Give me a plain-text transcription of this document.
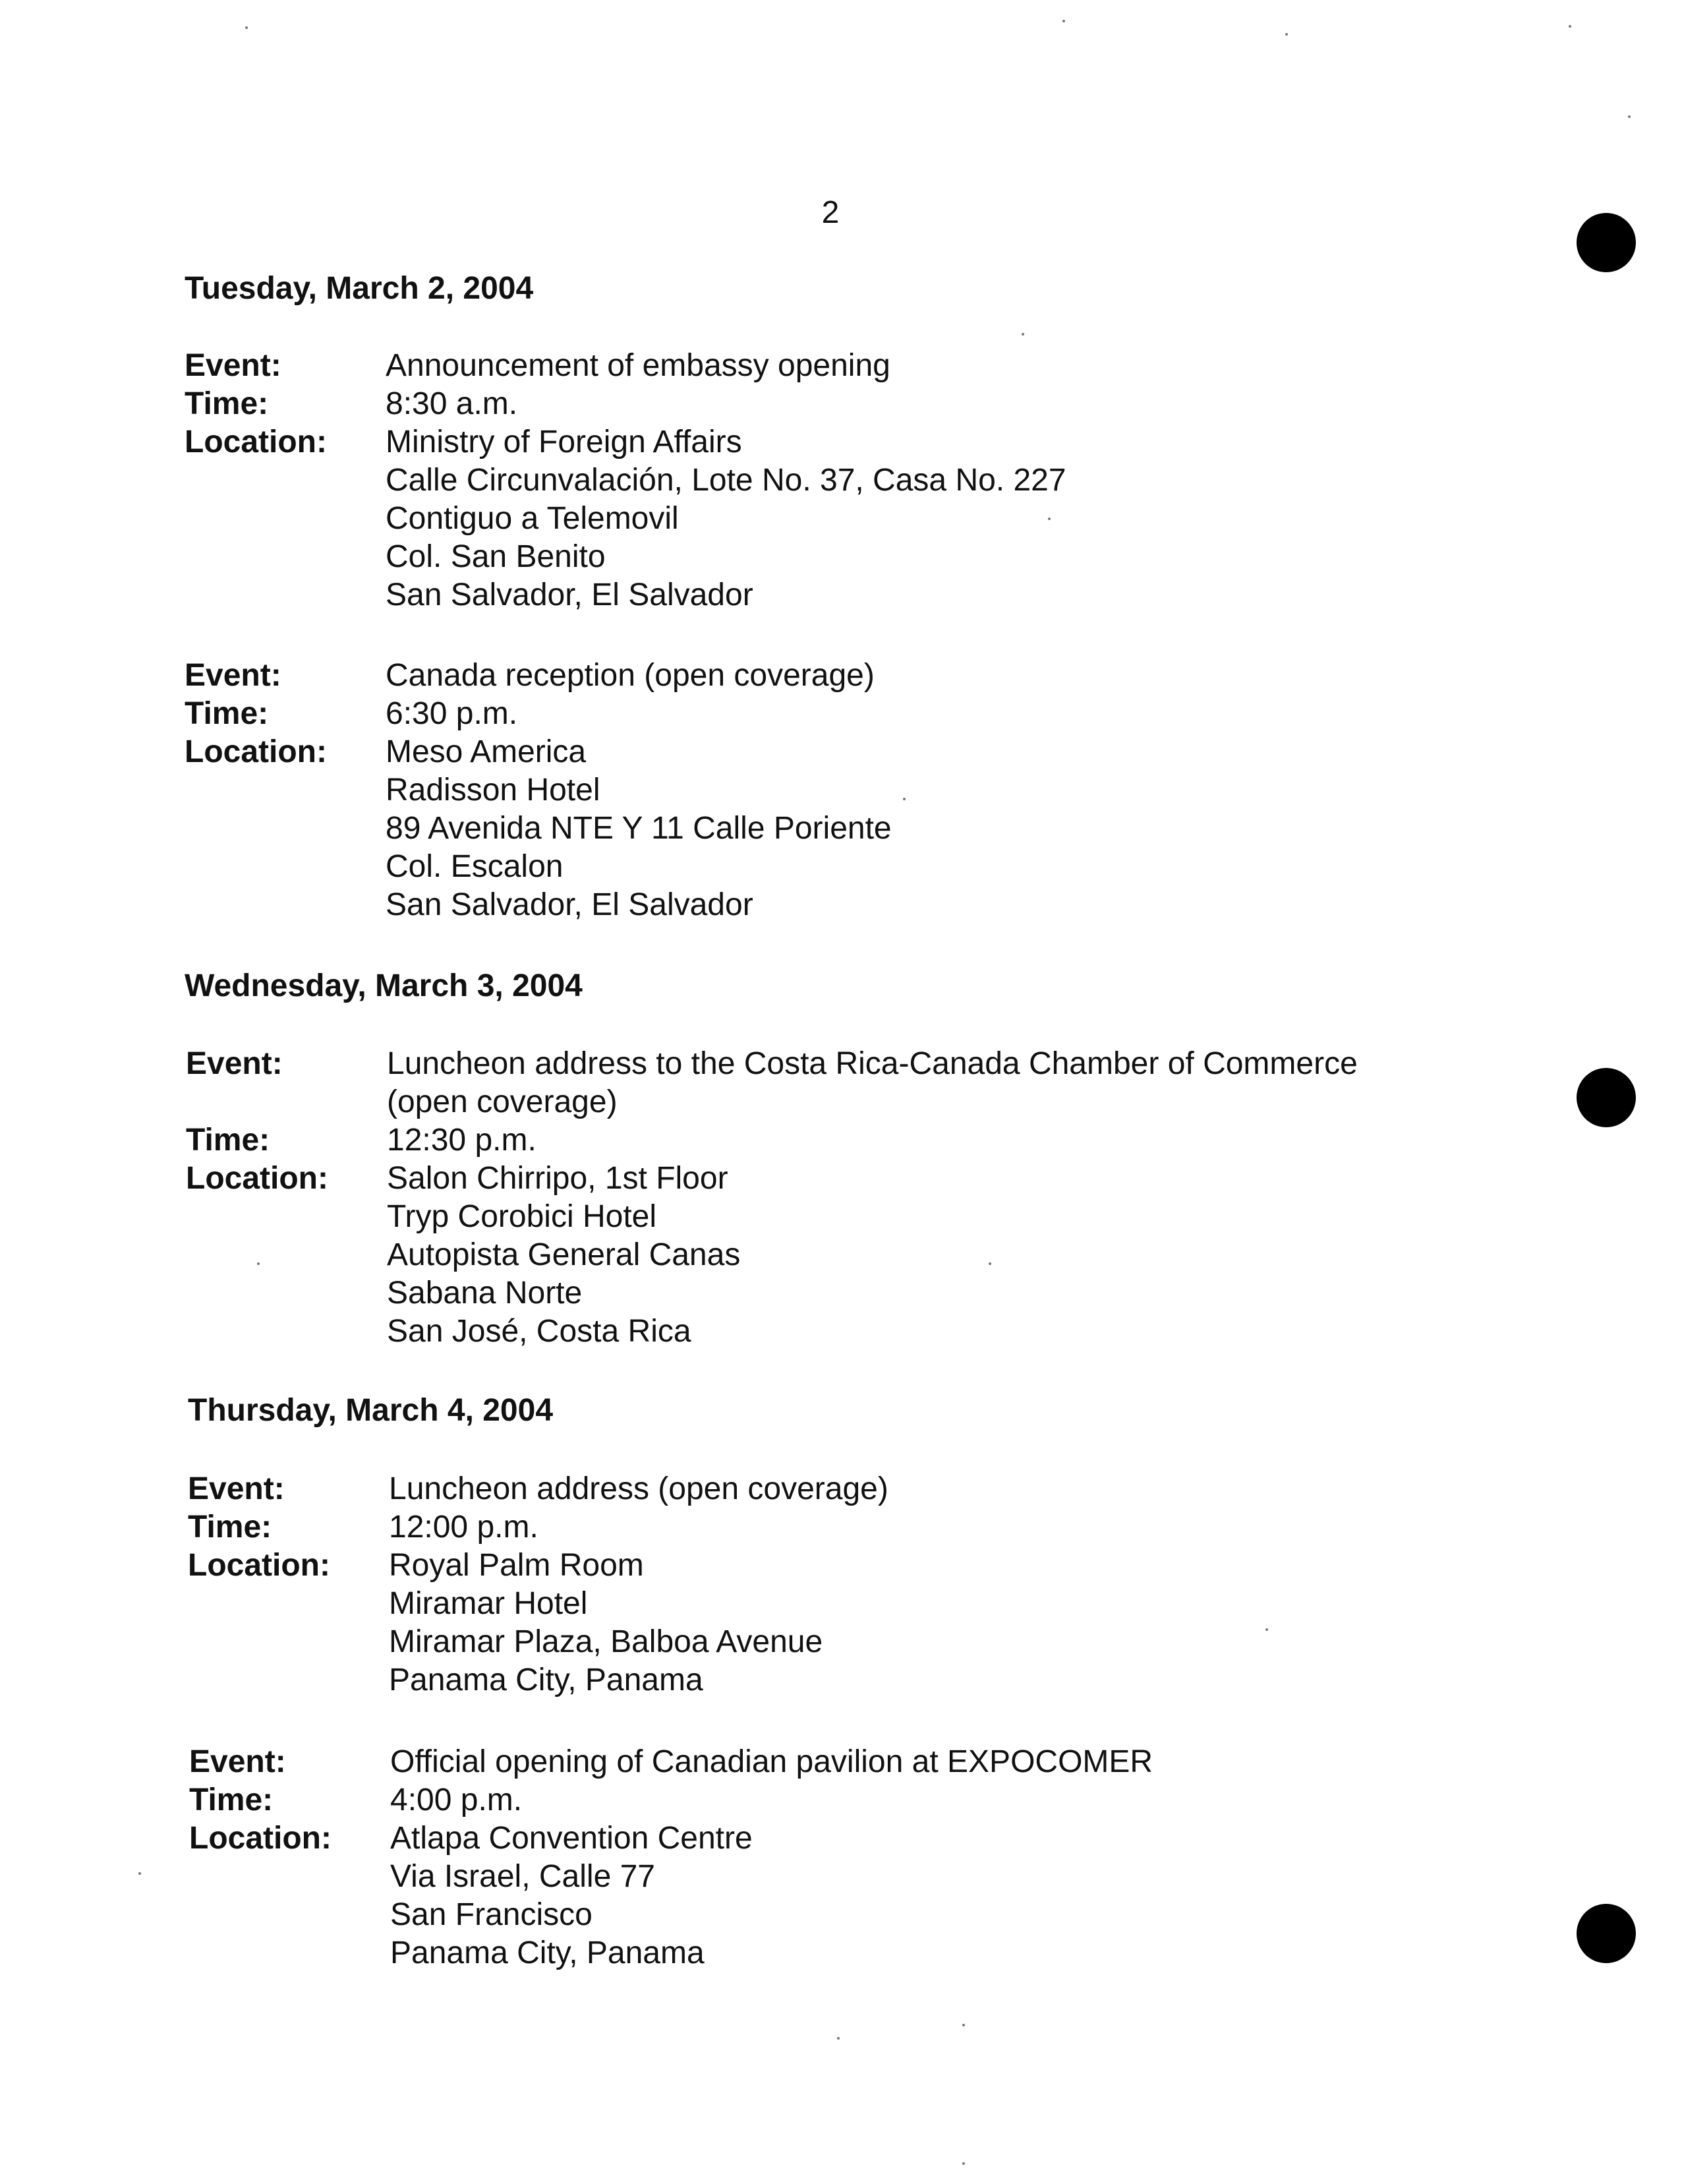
2
Tuesday, March 2, 2004
Event:	Announcement of embassy opening
Time:	8:30 a.m.
Location:	Ministry of Foreign Affairs
Calle Circunvalación, Lote No. 37, Casa No. 227
Contiguo a Telemovil
Col. San Benito
San Salvador, El Salvador
Event:	Canada reception (open coverage)
Time:	6:30 p.m.
Location:	Meso America
Radisson Hotel
89 Avenida NTE Y 11 Calle Poriente
Col. Escalon
San Salvador, El Salvador
Wednesday, March 3, 2004
Event:	Luncheon address to the Costa Rica-Canada Chamber of Commerce
(open coverage)
Time:	12:30 p.m.
Location:	Salon Chirripo, 1st Floor
Tryp Corobici Hotel
Autopista General Canas
Sabana Norte
San José, Costa Rica
Thursday, March 4, 2004
Event:	Luncheon address (open coverage)
Time:	12:00 p.m.
Location:	Royal Palm Room
Miramar Hotel
Miramar Plaza, Balboa Avenue
Panama City, Panama
Event:	Official opening of Canadian pavilion at EXPOCOMER
Time:	4:00 p.m.
Location:	Atlapa Convention Centre
Via Israel, Calle 77
San Francisco
Panama City, Panama
